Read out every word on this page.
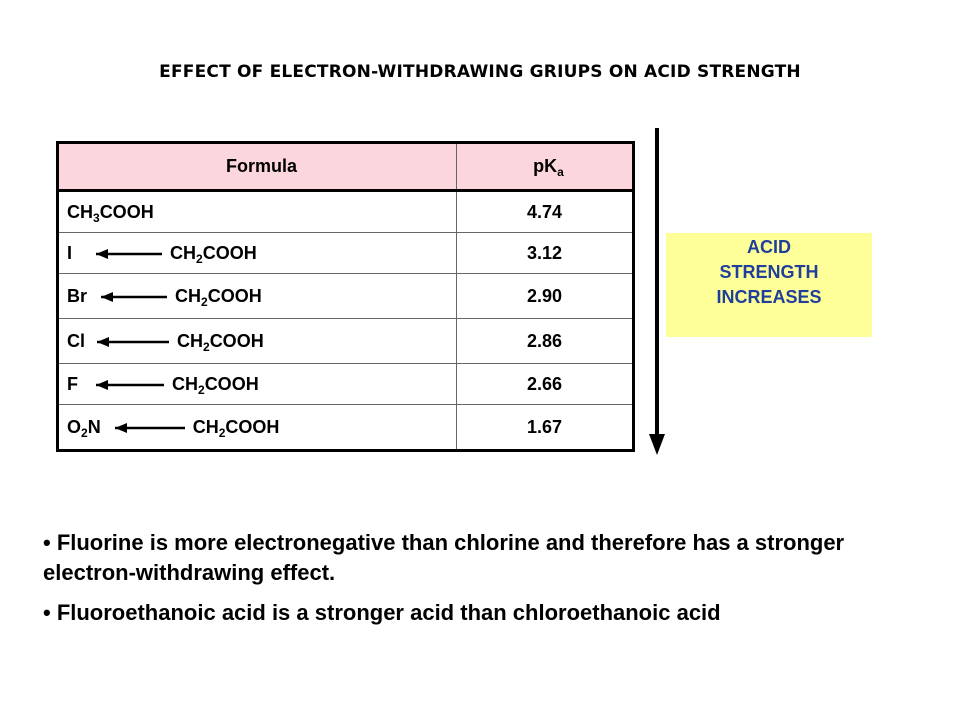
EFFECT OF ELECTRON-WITHDRAWING GRIUPS ON ACID STRENGTH
Formula	$pK_a$
$CH_3COOH$	4.74
I $CH_2COOH$	3.12
Br $CH_2COOH$	2.90
Cl $CH_2COOH$	2.86
F $CH_2COOH$	2.66
$O_2N$ $CH_2COOH$	1.67
ACID
STRENGTH
INCREASES

• Fluorine is more electronegative than chlorine and therefore has a stronger electron-withdrawing effect.

• Fluoroethanoic acid is a stronger acid than chloroethanoic acid
